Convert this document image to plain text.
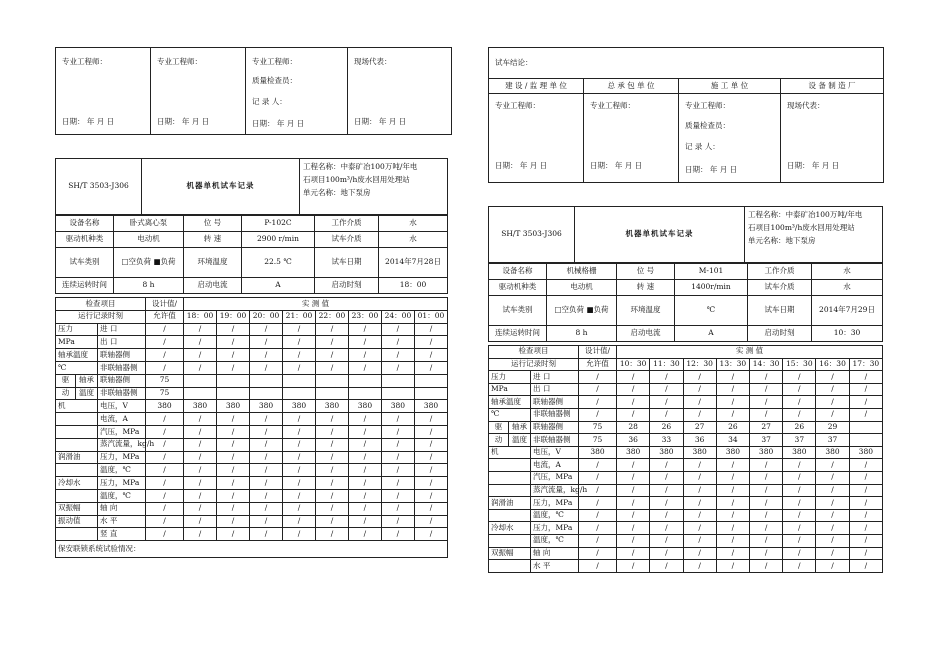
专业工程师：
日期： 年 月 日
专业工程师：
日期： 年 月 日
专业工程师：
质量检查员：
记 录 人：
日期： 年 月 日
现场代表：
日期： 年 月 日
试车结论：
建 设 / 监 理 单 位	总 承 包 单 位	施 工 单 位	设 备 制 造 厂
专业工程师：
日期： 年 月 日
专业工程师：
日期： 年 月 日
专业工程师：
质量检查员：
记 录 人：
日期： 年 月 日
现场代表：
日期： 年 月 日
SH/T 3503-J306	机器单机试车记录	
工程名称：中泰矿冶100万吨/年电
石项目100m³/h废水回用处理站
单元名称：地下泵房
设备名称	卧式离心泵	位 号	P-102C	工作介质	水
驱动机种类	电动机	转 速	2900 r/min	试车介质	水
试车类别	□空负荷 ■负荷	环境温度	22.5 ℃	试车日期	2014年7月28日
连续运转时间	8 h	启动电流	A	启动时刻	18：00
检查项目			设计值/	实 测 值							
运行记录时刻			允许值	18：00	19：00	20：00	21：00	22：00	23：00	24：00	01：00
压力		进 口	/	/	/	/	/	/	/	/	/
MPa		出 口	/	/	/	/	/	/	/	/	/
轴承温度		联轴器侧	/	/	/	/	/	/	/	/	/
℃		非联轴器侧	/	/	/	/	/	/	/	/	/
驱	轴承	联轴器侧	75								
动	温度	非联轴器侧	75								
机		电压，V	380	380	380	380	380	380	380	380	380
		电流，A	/	/	/	/	/	/	/	/	/
		汽压，MPa	/	/	/	/	/	/	/	/	/
		蒸汽流量，kg/h	/	/	/	/	/	/	/	/	/
润滑油		压力，MPa	/	/	/	/	/	/	/	/	/
		温度，℃	/	/	/	/	/	/	/	/	/
冷却水		压力，MPa	/	/	/	/	/	/	/	/	/
		温度，℃	/	/	/	/	/	/	/	/	/
双振幅		轴 向	/	/	/	/	/	/	/	/	/
振动值		水 平	/	/	/	/	/	/	/	/	/
		竖 直	/	/	/	/	/	/	/	/	/
保安联锁系统试验情况：											
SH/T 3503-J306	机器单机试车记录	
工程名称：中泰矿冶100万吨/年电
石项目100m³/h废水回用处理站
单元名称：地下泵房
设备名称	机械格栅	位 号	M-101	工作介质	水
驱动机种类	电动机	转 速	1400r/min	试车介质	水
试车类别	□空负荷 ■负荷	环境温度	℃	试车日期	2014年7月29日
连续运转时间	8 h	启动电流	A	启动时刻	10：30
检查项目			设计值/	实 测 值							
运行记录时刻			允许值	10：30	11：30	12：30	13：30	14：30	15：30	16：30	17：30
压力		进 口	/	/	/	/	/	/	/	/	/
MPa		出 口	/	/	/	/	/	/	/	/	/
轴承温度		联轴器侧	/	/	/	/	/	/	/	/	/
℃		非联轴器侧	/	/	/	/	/	/	/	/	/
驱	轴承	联轴器侧	75	28	26	27	26	27	26	29	
动	温度	非联轴器侧	75	36	33	36	34	37	37	37	
机		电压，V	380	380	380	380	380	380	380	380	380
		电流，A	/	/	/	/	/	/	/	/	/
		汽压，MPa	/	/	/	/	/	/	/	/	/
		蒸汽流量，kg/h	/	/	/	/	/	/	/	/	/
润滑油		压力，MPa	/	/	/	/	/	/	/	/	/
		温度，℃	/	/	/	/	/	/	/	/	/
冷却水		压力，MPa	/	/	/	/	/	/	/	/	/
		温度，℃	/	/	/	/	/	/	/	/	/
双振幅		轴 向	/	/	/	/	/	/	/	/	/
		水 平	/	/	/	/	/	/	/	/	/
